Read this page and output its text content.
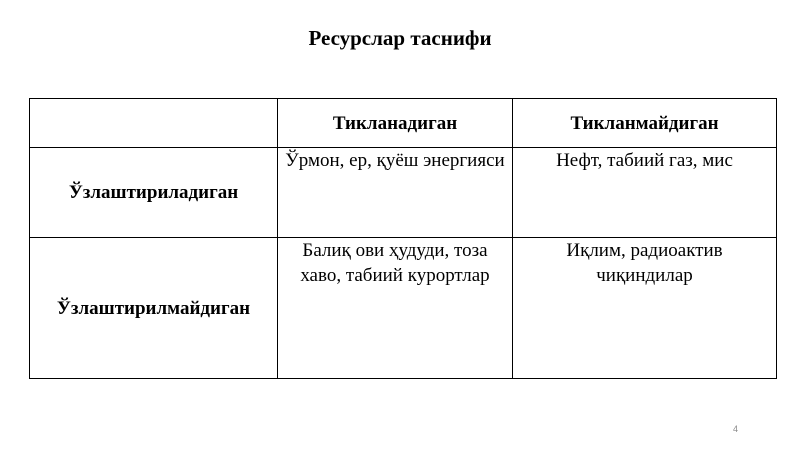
Ресурслар таснифи
	Тикланадиган	Тикланмайдиган
Ўзлаштириладиган	Ўрмон, ер, қуёш энергияси	Нефт, табиий газ, мис
Ўзлаштирилмайдиган	Балиқ ови ҳудуди, тоза хаво, табиий курортлар	Иқлим, радиоактив чиқиндилар
4
